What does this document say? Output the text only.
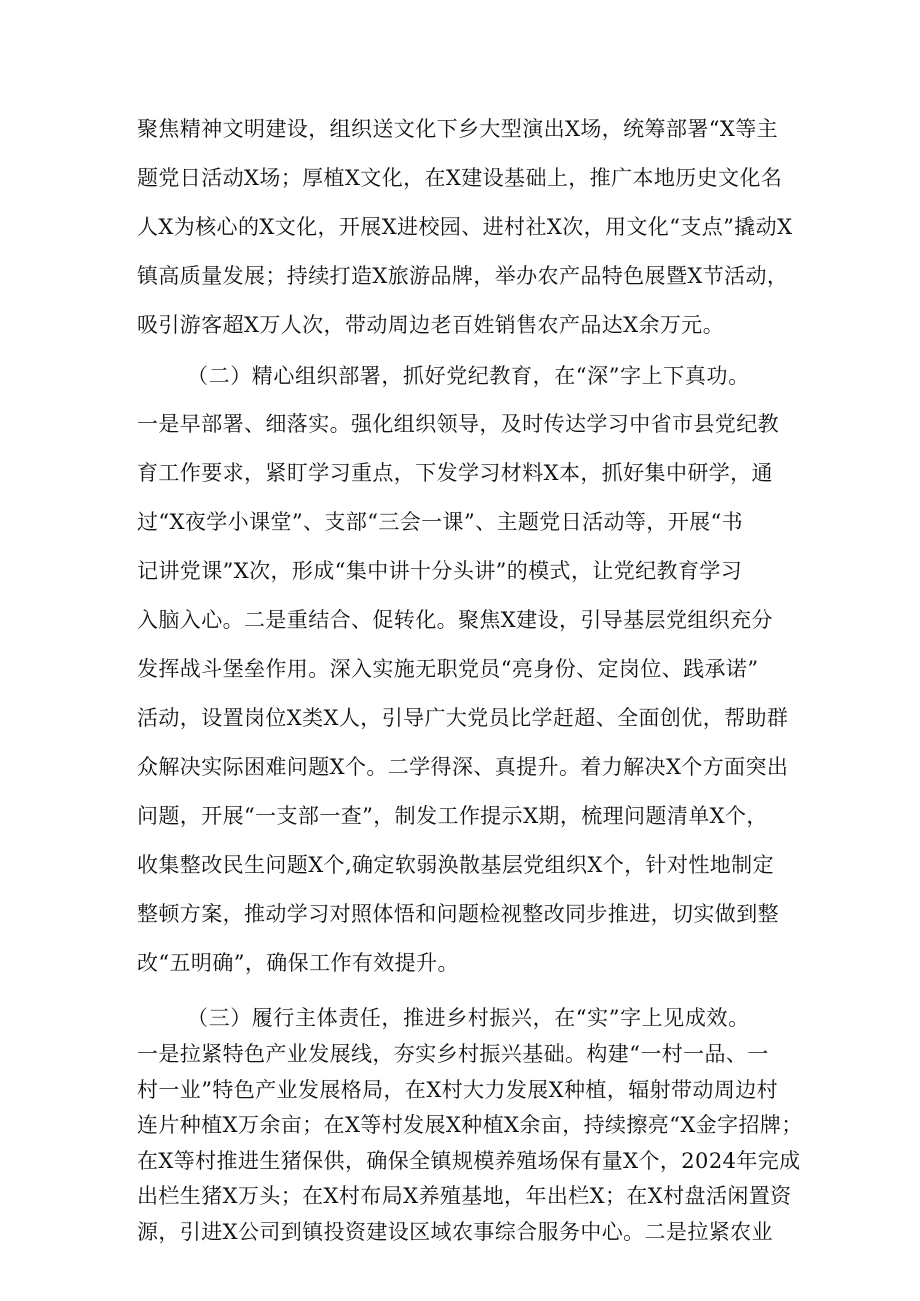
聚焦精神文明建设，组织送文化下乡大型演出X场，统筹部署“X等主
题党日活动X场；厚植X文化，在X建设基础上，推广本地历史文化名
人X为核心的X文化，开展X进校园、进村社X次，用文化“支点”撬动X
镇高质量发展；持续打造X旅游品牌，举办农产品特色展暨X节活动，
吸引游客超X万人次，带动周边老百姓销售农产品达X余万元。
（二）精心组织部署，抓好党纪教育，在“深”字上下真功。
一是早部署、细落实。强化组织领导，及时传达学习中省市县党纪教
育工作要求，紧盯学习重点，下发学习材料X本，抓好集中研学，通
过“X夜学小课堂”、支部“三会一课”、主题党日活动等，开展“书
记讲党课”X次，形成“集中讲十分头讲”的模式，让党纪教育学习
入脑入心。二是重结合、促转化。聚焦X建设，引导基层党组织充分
发挥战斗堡垒作用。深入实施无职党员“亮身份、定岗位、践承诺”
活动，设置岗位X类X人，引导广大党员比学赶超、全面创优，帮助群
众解决实际困难问题X个。二学得深、真提升。着力解决X个方面突出
问题，开展“一支部一查”，制发工作提示X期，梳理问题清单X个，
收集整改民生问题X个,确定软弱涣散基层党组织X个，针对性地制定
整顿方案，推动学习对照体悟和问题检视整改同步推进，切实做到整
改“五明确”，确保工作有效提升。
（三）履行主体责任，推进乡村振兴，在“实”字上见成效。
一是拉紧特色产业发展线，夯实乡村振兴基础。构建“一村一品、一
村一业”特色产业发展格局，在X村大力发展X种植，辐射带动周边村
连片种植X万余亩；在X等村发展X种植X余亩，持续擦亮“X金字招牌；
在X等村推进生猪保供，确保全镇规模养殖场保有量X个，2024年完成
出栏生猪X万头；在X村布局X养殖基地，年出栏X；在X村盘活闲置资
源，引进X公司到镇投资建设区域农事综合服务中心。二是拉紧农业
